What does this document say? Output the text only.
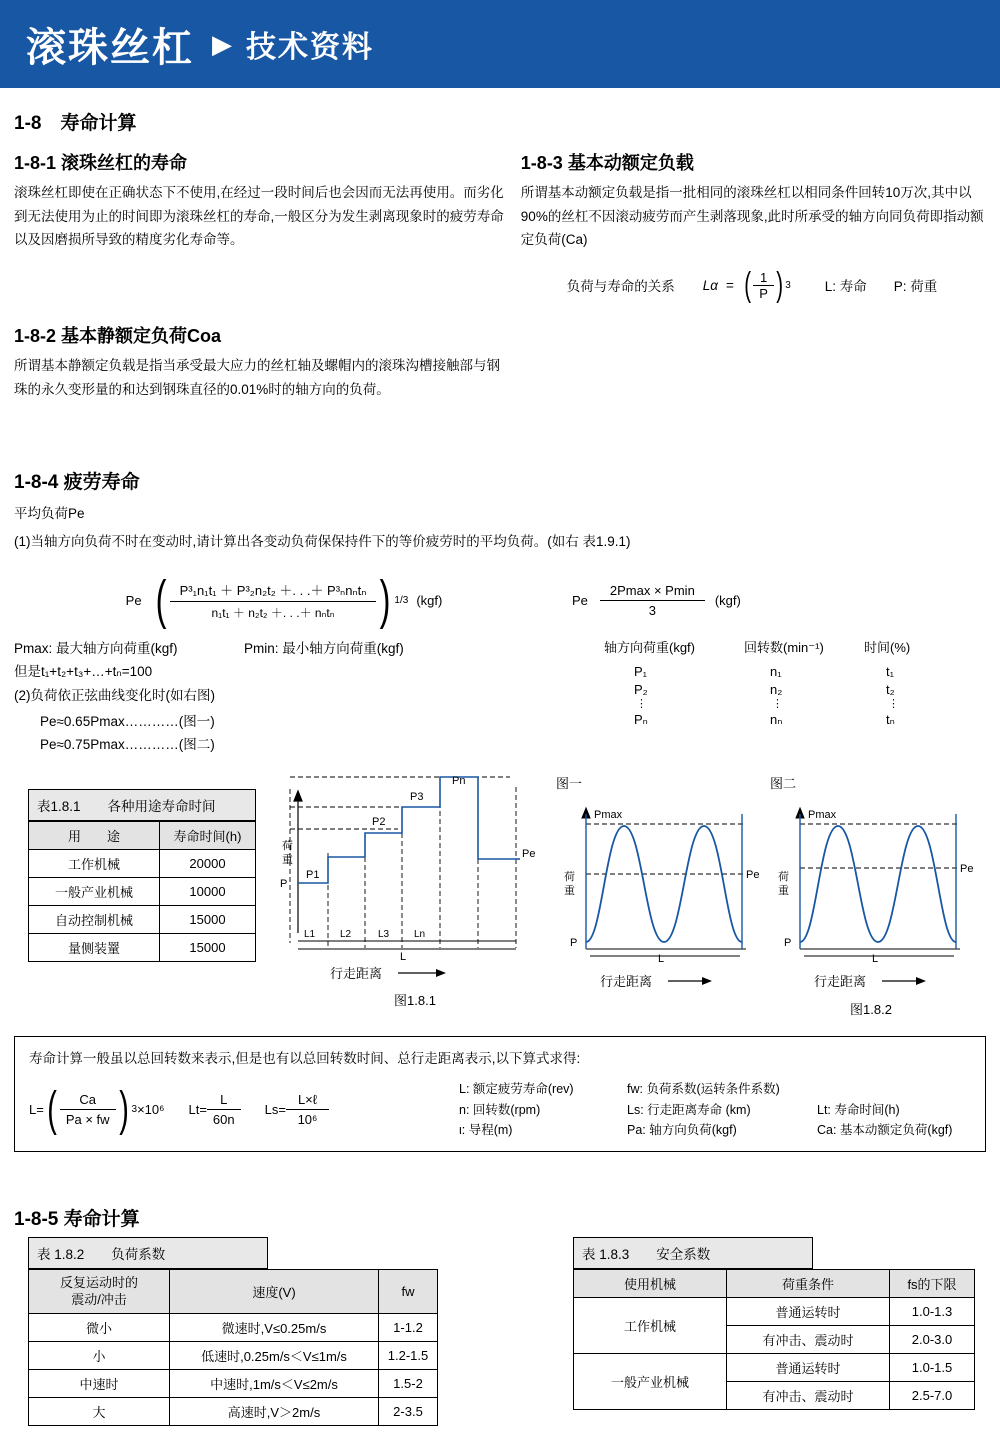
滚珠丝杠 ▶ 技术资料
1-8　寿命计算
1-8-1 滚珠丝杠的寿命

滚珠丝杠即使在正确状态下不使用,在经过一段时间后也会因而无法再使用。而劣化到无法使用为止的时间即为滚珠丝杠的寿命,一般区分为发生剥离现象时的疲劳寿命以及因磨损所导致的精度劣化寿命等。

1-8-2 基本静额定负荷Coa

所谓基本静额定负载是指当承受最大应力的丝杠轴及螺帽内的滚珠沟槽接触部与钢珠的永久变形量的和达到钢珠直径的0.01%时的轴方向的负荷。

1-8-3 基本动额定负载

所谓基本动额定负载是指一批相同的滚珠丝杠以相同条件回转10万次,其中以90%的丝杠不因滚动疲劳而产生剥落现象,此时所承受的轴方向同负荷即指动额定负荷(Ca)

负荷与寿命的关系 Lα = ( $\frac{1}{P}$ ) 3	L: 寿命　　P: 荷重
1-8-4 疲劳寿命

平均负荷Pe

(1)当轴方向负荷不时在变动时,请计算出各变动负荷保保持件下的等价疲劳时的平均负荷。(如右 表1.9.1)

Pe ( $\frac{\text{P³₁n₁t₁ ＋ P³₂n₂t₂ ＋. . .＋ P³ₙnₙtₙ}}{\text{n₁t₁ ＋ n₂t₂ ＋. . .＋ nₙtₙ}}$ ) 1/3 (kgf)	Pe $\frac{2Pmax \times Pmin}{3} (kgf)$
Pmax: 最大轴方向荷重(kgf)	Pmin: 最小轴方向荷重(kgf)

但是t₁+t₂+t₃+…+tₙ=100

(2)负荷依正弦曲线变化时(如右图)

Pe≈0.65Pmax…………(图一)

Pe≈0.75Pmax…………(图二)

轴方向荷重(kgf)	回转数(min⁻¹)	时间(%)
P₁	n₁	t₁
P₂	n₂	t₂
⋮	⋮	⋮
Pₙ	nₙ	tₙ
表1.8.1　　各种用途寿命时间
用　　途	寿命时间(h)
工作机械	20000
一般产业机械	10000
自动控制机械	15000
量侧装罿	15000
Pn
P3
P2
P1
P
Pe
荷
重
L1 L2	L3 Ln
L
行走距离
图1.8.1
图一
Pmax
Pe
P
荷
重
L
行走距离
图二
Pmax
Pe
P
荷
重
L
行走距离
图1.8.2
寿命计算一般虽以总回转数来表示,但是也有以总回转数时间、总行走距离表示,以下算式求得:
L= ( $\frac{Ca}{Pa \times fw}$ ) 3 ×10⁶ $Lt= \frac{L}{60n} Ls= \frac{\text{L×ℓ}}{\text{10⁶}}$
L: 额定疲劳寿命(rev)
n: 回转数(rpm)
ι: 导程(m)
fw: 负荷系数(运转条件系数)
Ls: 行走距离寿命 (km)
Pa: 轴方向负荷(kgf)

Lt: 寿命时间(h)
Ca: 基本动额定负荷(kgf)
1-8-5 寿命计算
表 1.8.2　　负荷系数
反复运动时的
震动/冲击	速度(V)	fw
微小	微速时,V≤0.25m/s	1-1.2
小	低速时,0.25m/s＜V≤1m/s	1.2-1.5
中速时	中速时,1m/s＜V≤2m/s	1.5-2
大	高速时,V＞2m/s	2-3.5
表 1.8.3　　安全系数
使用机械	荷重条件	fs的下限
工作机械	普通运转时	1.0-1.3
	有冲击、震动时	2.0-3.0
一般产业机械	普通运转时	1.0-1.5
	有冲击、震动时	2.5-7.0
